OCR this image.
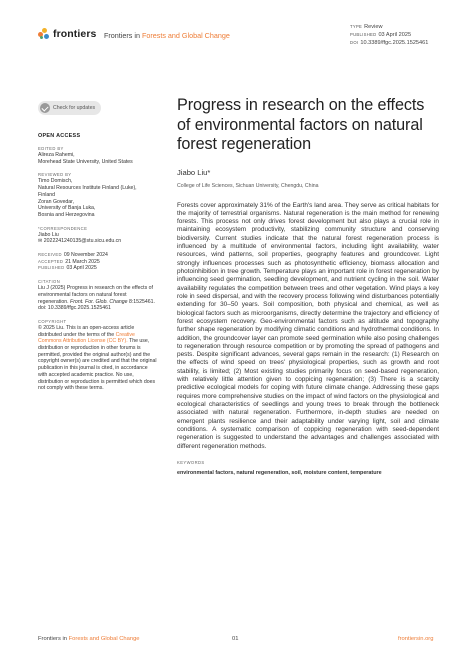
frontiers Frontiers in Forests and Global Change
TYPE Review
PUBLISHED 03 April 2025
DOI 10.3389/ffgc.2025.1525461
Check for updates
OPEN ACCESS
EDITED BY
Alireza Rahemi,
Morehead State University, United States
REVIEWED BY
Timo Domisch,
Natural Resources Institute Finland (Luke),
Finland
Zoran Govedar,
University of Banja Luka,
Bosnia and Herzegovina
*CORRESPONDENCE
Jiabo Liu
✉ 2022241240135@stu.sicu.edu.cn
RECEIVED 09 November 2024
ACCEPTED 21 March 2025
PUBLISHED 03 April 2025
CITATION
Liu J (2025) Progress in research on the effects of environmental factors on natural forest regeneration. Front. For. Glob. Change 8:1525461. doi: 10.3389/ffgc.2025.1525461
COPYRIGHT
© 2025 Liu. This is an open-access article distributed under the terms of the Creative Commons Attribution License (CC BY). The use, distribution or reproduction in other forums is permitted, provided the original author(s) and the copyright owner(s) are credited and that the original publication in this journal is cited, in accordance with accepted academic practice. No use, distribution or reproduction is permitted which does not comply with these terms.
Progress in research on the effects of environmental factors on natural forest regeneration
Jiabo Liu*
College of Life Sciences, Sichuan University, Chengdu, China

Forests cover approximately 31% of the Earth's land area. They serve as critical habitats for the majority of terrestrial organisms. Natural regeneration is the main method for renewing forests. This process not only drives forest development but also plays a crucial role in maintaining ecosystem productivity, stabilizing community structure and conserving biodiversity. Current studies indicate that the natural forest regeneration process is influenced by a multitude of environmental factors, including light availability, water resources, wind patterns, soil properties, geography features and groundcover. Light strongly influences processes such as photosynthetic efficiency, biomass allocation and photoinhibition in tree growth. Temperature plays an important role in forest regeneration by influencing seed germination, seedling development, and nutrient cycling in the soil. Water availability regulates the competition between trees and other vegetation. Wind plays a key role in seed dispersal, and with the recovery process following wind disturbances potentially extending for 30–50 years. Soil composition, both physical and chemical, as well as biological factors such as microorganisms, directly determine the trajectory and efficiency of forest ecosystem recovery. Geo-environmental factors such as altitude and topography further shape regeneration by modifying climatic conditions and hydrothermal conditions. In addition, the groundcover layer can promote seed germination while also posing challenges to regeneration through resource competition or by promoting the spread of pathogens and pests. Despite significant advances, several gaps remain in the research: (1) Research on the effects of wind speed on trees' physiological properties, such as growth and root stability, is limited; (2) Most existing studies primarily focus on seed-based regeneration, with relatively little attention given to coppicing regeneration; (3) There is a scarcity predictive ecological models for coping with future climate change. Addressing these gaps requires more comprehensive studies on the impact of wind factors on the physiological and ecological characteristics of seedlings and young trees to break through the bottleneck associated with natural regeneration. Furthermore, in-depth studies are needed on emergent plants resilience and their adaptability under varying light, soil and climate conditions. A systematic comparison of coppicing regeneration with seed-dependent regeneration is suggested to understand the advantages and challenges associated with different regeneration methods.

KEYWORDS
environmental factors, natural regeneration, soil, moisture content, temperature
Frontiers in Forests and Global Change	01	frontiersin.org
